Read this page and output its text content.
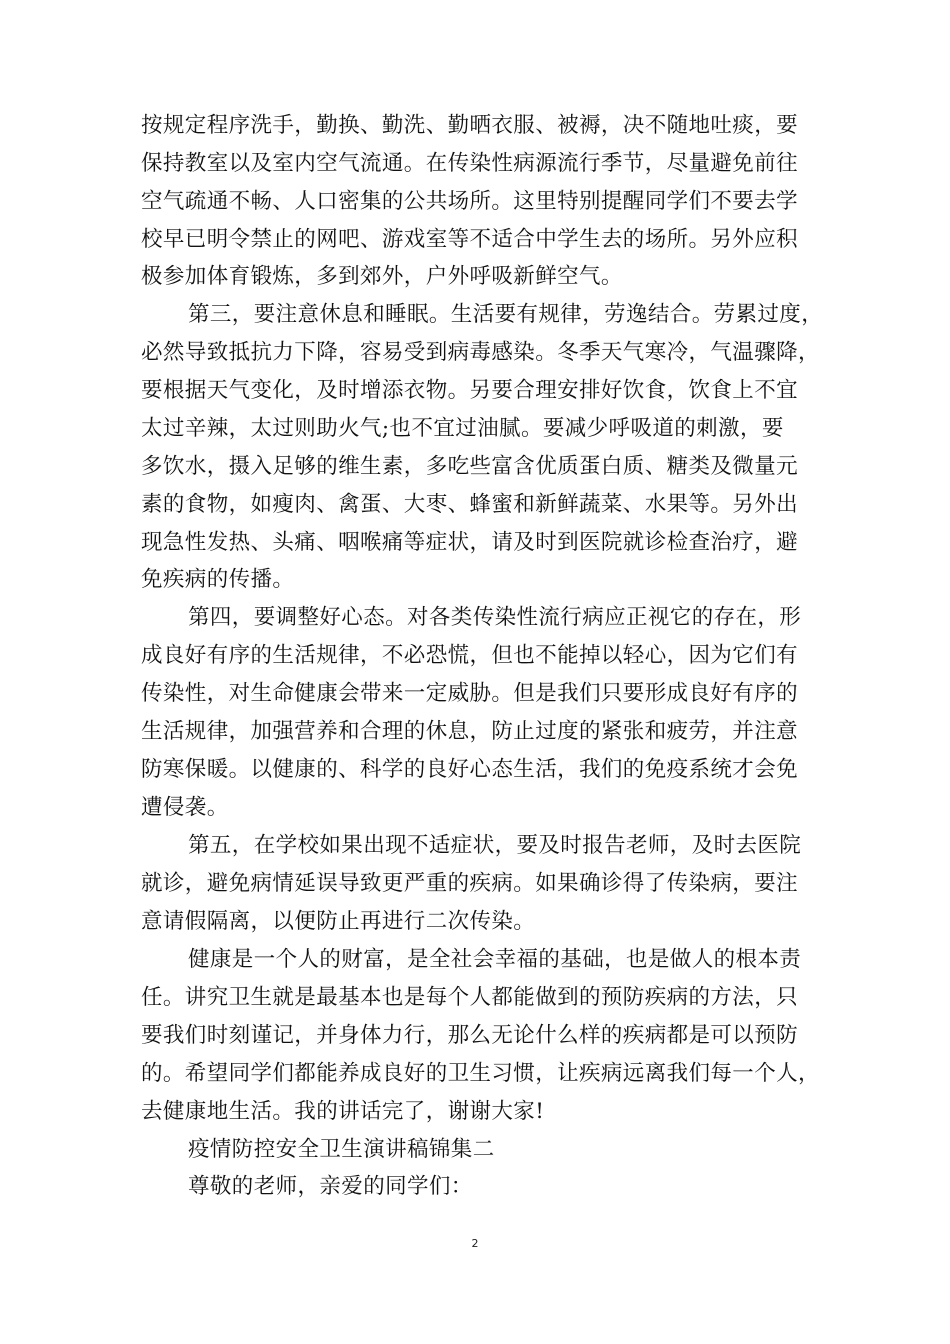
按规定程序洗手，勤换、勤洗、勤晒衣服、被褥，决不随地吐痰，要
保持教室以及室内空气流通。在传染性病源流行季节，尽量避免前往
空气疏通不畅、人口密集的公共场所。这里特别提醒同学们不要去学
校早已明令禁止的网吧、游戏室等不适合中学生去的场所。另外应积
极参加体育锻炼，多到郊外，户外呼吸新鲜空气。
第三，要注意休息和睡眠。生活要有规律，劳逸结合。劳累过度，
必然导致抵抗力下降，容易受到病毒感染。冬季天气寒冷，气温骤降，
要根据天气变化，及时增添衣物。另要合理安排好饮食，饮食上不宜
太过辛辣，太过则助火气;也不宜过油腻。要减少呼吸道的刺激，要
多饮水，摄入足够的维生素，多吃些富含优质蛋白质、糖类及微量元
素的食物，如瘦肉、禽蛋、大枣、蜂蜜和新鲜蔬菜、水果等。另外出
现急性发热、头痛、咽喉痛等症状，请及时到医院就诊检查治疗，避
免疾病的传播。
第四，要调整好心态。对各类传染性流行病应正视它的存在，形
成良好有序的生活规律，不必恐慌，但也不能掉以轻心，因为它们有
传染性，对生命健康会带来一定威胁。但是我们只要形成良好有序的
生活规律，加强营养和合理的休息，防止过度的紧张和疲劳，并注意
防寒保暖。以健康的、科学的良好心态生活，我们的免疫系统才会免
遭侵袭。
第五，在学校如果出现不适症状，要及时报告老师，及时去医院
就诊，避免病情延误导致更严重的疾病。如果确诊得了传染病，要注
意请假隔离，以便防止再进行二次传染。
健康是一个人的财富，是全社会幸福的基础，也是做人的根本责
任。讲究卫生就是最基本也是每个人都能做到的预防疾病的方法，只
要我们时刻谨记，并身体力行，那么无论什么样的疾病都是可以预防
的。希望同学们都能养成良好的卫生习惯，让疾病远离我们每一个人，
去健康地生活。我的讲话完了，谢谢大家!
疫情防控安全卫生演讲稿锦集二
尊敬的老师，亲爱的同学们：
2
